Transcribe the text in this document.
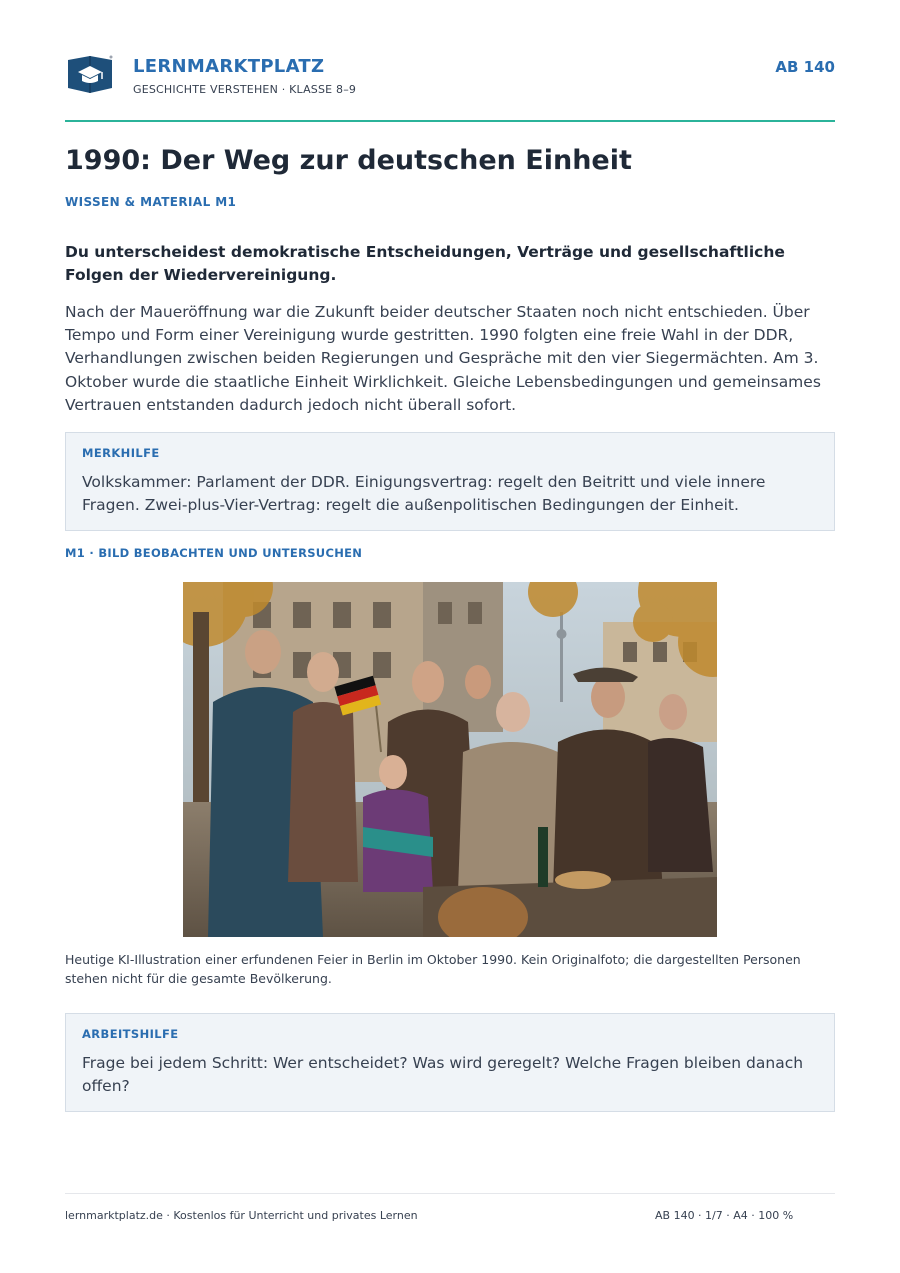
LERNMARKTPLATZ
GESCHICHTE VERSTEHEN · KLASSE 8–9
AB 140
1990: Der Weg zur deutschen Einheit
WISSEN & MATERIAL M1

Du unterscheidest demokratische Entscheidungen, Verträge und gesellschaftliche Folgen der Wiedervereinigung.

Nach der Maueröffnung war die Zukunft beider deutscher Staaten noch nicht entschieden. Über Tempo und Form einer Vereinigung wurde gestritten. 1990 folgten eine freie Wahl in der DDR, Verhandlungen zwischen beiden Regierungen und Gespräche mit den vier Siegermächten. Am 3. Oktober wurde die staatliche Einheit Wirklichkeit. Gleiche Lebensbedingungen und gemeinsames Vertrauen entstanden dadurch jedoch nicht überall sofort.

MERKHILFE
Volkskammer: Parlament der DDR. Einigungsvertrag: regelt den Beitritt und viele innere Fragen. Zwei-plus-Vier-Vertrag: regelt die außenpolitischen Bedingungen der Einheit.
M1 · BILD BEOBACHTEN UND UNTERSUCHEN
Heutige KI-Illustration einer erfundenen Feier in Berlin im Oktober 1990. Kein Originalfoto; die dargestellten Personen stehen nicht für die gesamte Bevölkerung.
ARBEITSHILFE
Frage bei jedem Schritt: Wer entscheidet? Was wird geregelt? Welche Fragen bleiben danach offen?
lernmarktplatz.de · Kostenlos für Unterricht und privates Lernen	AB 140 · 1/7 · A4 · 100 %
